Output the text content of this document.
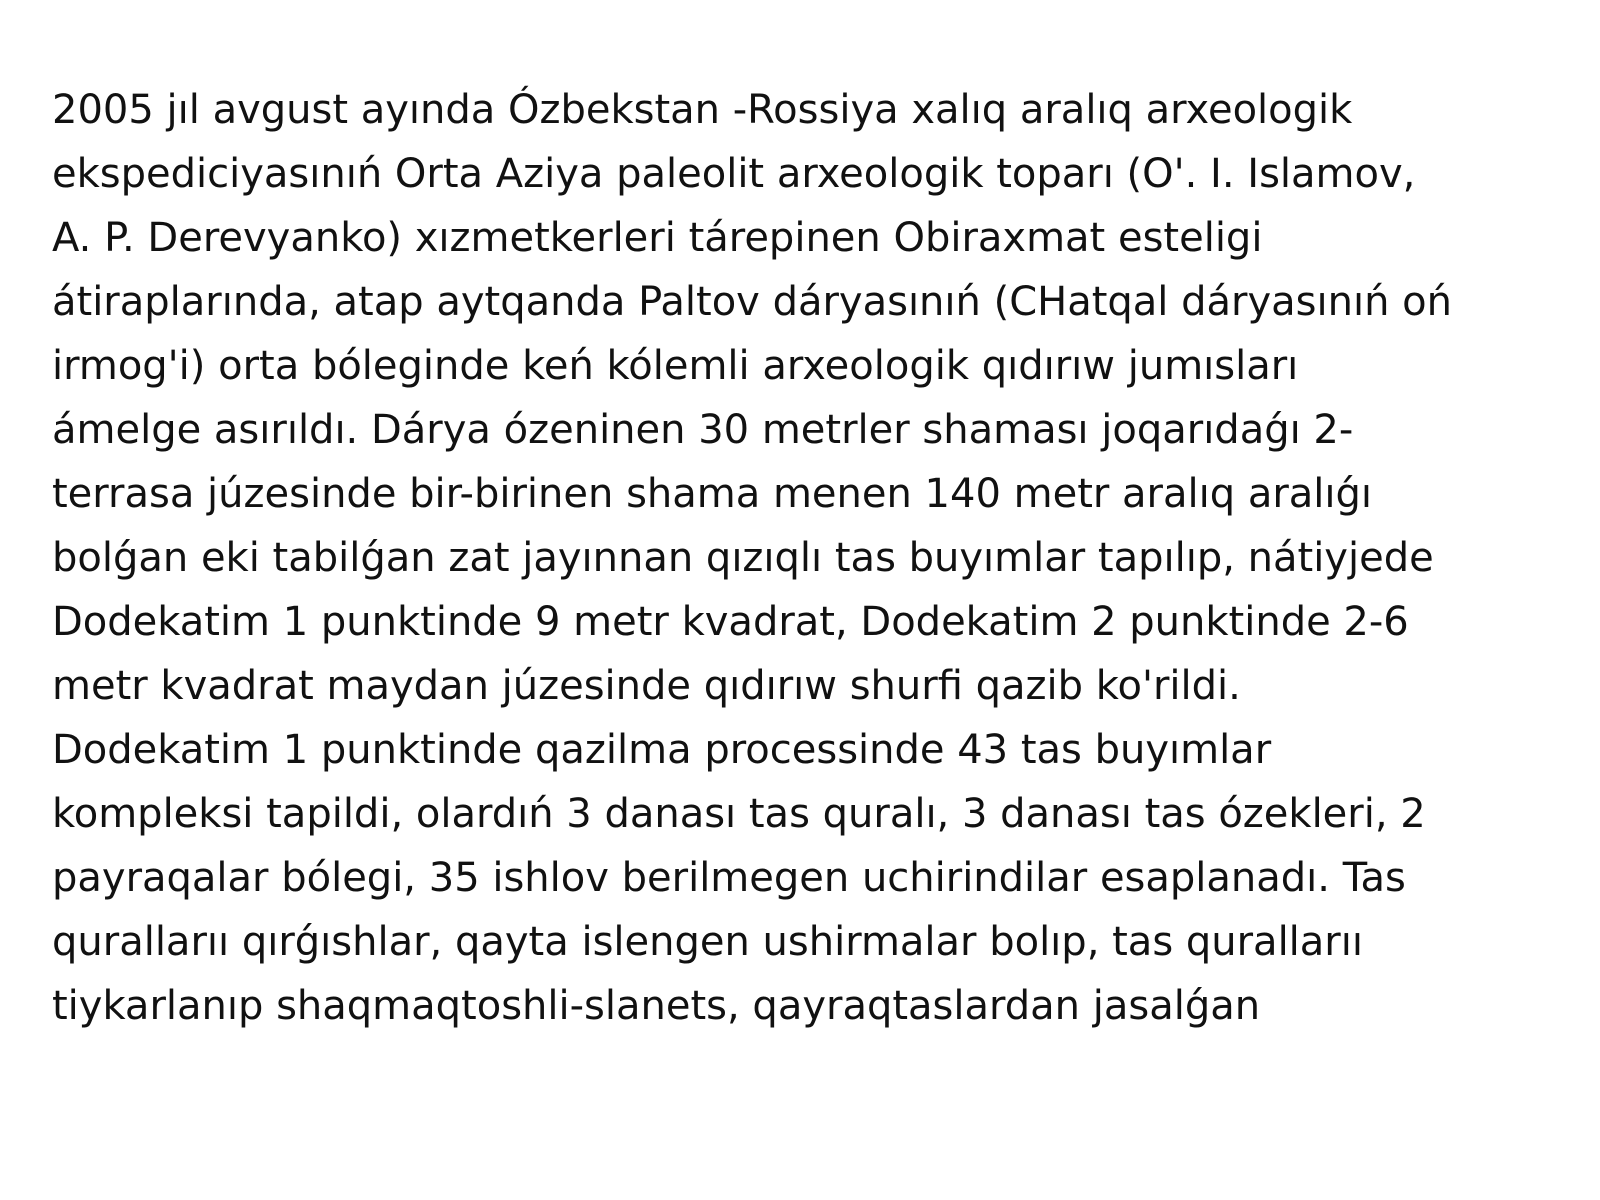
2005 jıl avgust ayında Ózbekstan -Rossiya xalıq aralıq arxeologik
ekspediciyasınıń Orta Aziya paleolit arxeologik toparı (O'. I. Islamov,
A. P. Derevyanko) xızmetkerleri tárepinen Obiraxmat esteligi
átiraplarında, atap aytqanda Paltov dáryasınıń (CHatqal dáryasınıń oń
irmog'i) orta bóleginde keń kólemli arxeologik qıdırıw jumısları
ámelge asırıldı. Dárya ózeninen 30 metrler shaması joqarıdaǵı 2-
terrasa júzesinde bir-birinen shama menen 140 metr aralıq aralıǵı
bolǵan eki tabilǵan zat jayınnan qızıqlı tas buyımlar tapılıp, nátiyjede
Dodekatim 1 punktinde 9 metr kvadrat, Dodekatim 2 punktinde 2-6
metr kvadrat maydan júzesinde qıdırıw shurfi qazib ko'rildi.
Dodekatim 1 punktinde qazilma processinde 43 tas buyımlar
kompleksi tapildi, olardıń 3 danası tas quralı, 3 danası tas ózekleri, 2
payraqalar bólegi, 35 ishlov berilmegen uchirindilar esaplanadı. Tas
qurallarıı qırǵıshlar, qayta islengen ushirmalar bolıp, tas qurallarıı
tiykarlanıp shaqmaqtoshli-slanets, qayraqtaslardan jasalǵan
